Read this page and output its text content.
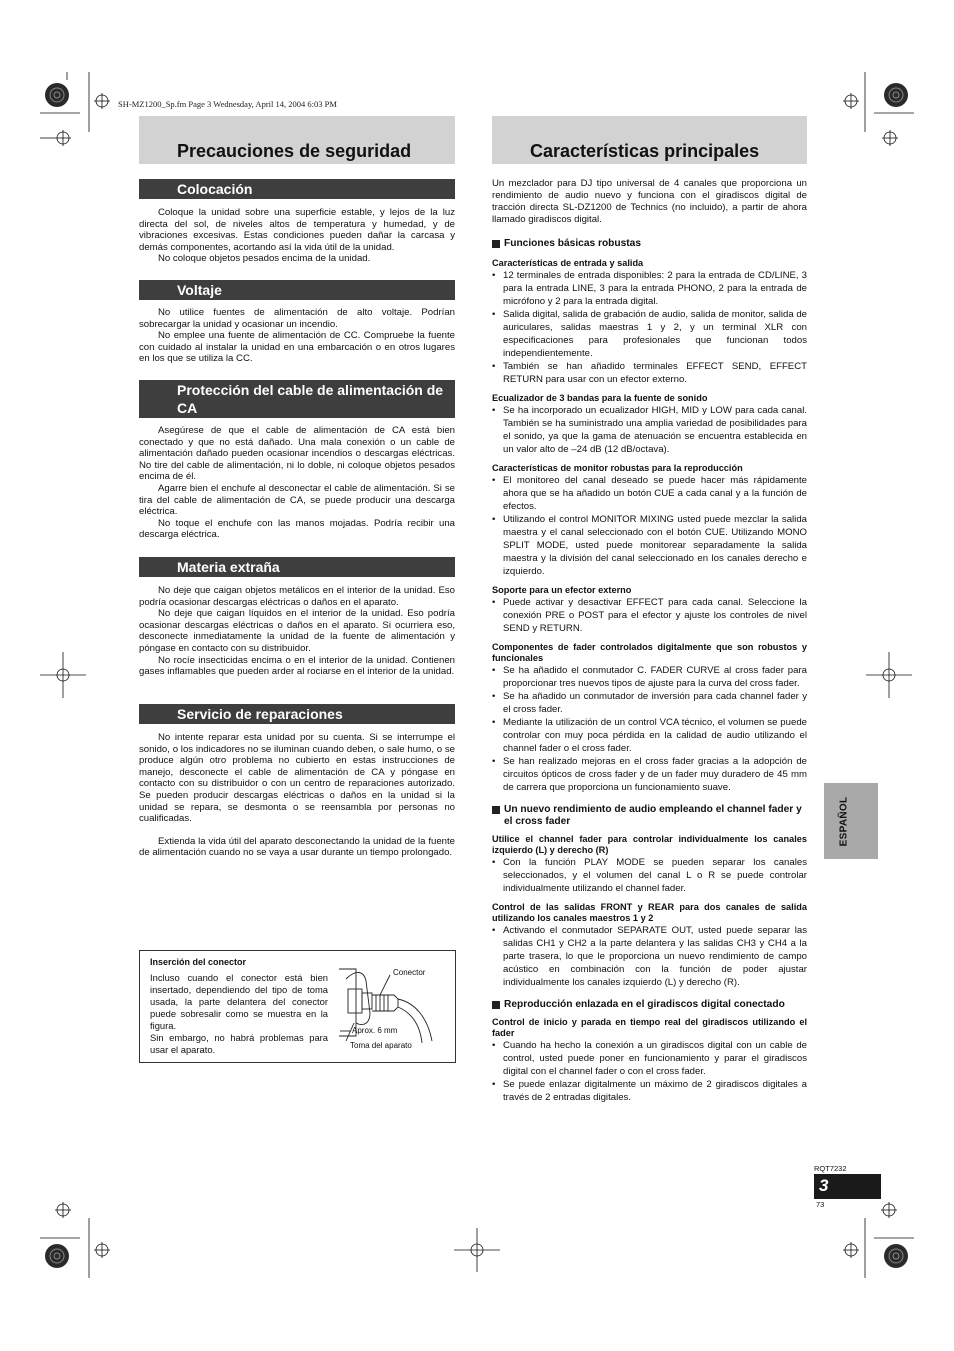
SH-MZ1200_Sp.fm Page 3 Wednesday, April 14, 2004 6:03 PM
Precauciones de seguridad
Colocación

Coloque la unidad sobre una superficie estable, y lejos de la luz directa del sol, de niveles altos de temperatura y humedad, y de vibraciones excesivas. Estas condiciones pueden dañar la carcasa y demás componentes, acortando así la vida útil de la unidad.

No coloque objetos pesados encima de la unidad.

Voltaje

No utilice fuentes de alimentación de alto voltaje. Podrían sobrecargar la unidad y ocasionar un incendio.

No emplee una fuente de alimentación de CC. Compruebe la fuente con cuidado al instalar la unidad en una embarcación o en otros lugares en los que se utiliza la CC.

Protección del cable de alimentación de CA

Asegúrese de que el cable de alimentación de CA está bien conectado y que no está dañado. Una mala conexión o un cable de alimentación dañado pueden ocasionar incendios o descargas eléctricas. No tire del cable de alimentación, ni lo doble, ni coloque objetos pesados encima de él.

Agarre bien el enchufe al desconectar el cable de alimentación. Si se tira del cable de alimentación de CA, se puede producir una descarga eléctrica.

No toque el enchufe con las manos mojadas. Podría recibir una descarga eléctrica.

Materia extraña

No deje que caigan objetos metálicos en el interior de la unidad. Eso podría ocasionar descargas eléctricas o daños en el aparato.

No deje que caigan líquidos en el interior de la unidad. Eso podría ocasionar descargas eléctricas o daños en el aparato. Si ocurriera eso, desconecte inmediatamente la unidad de la fuente de alimentación y póngase en contacto con su distribuidor.

No rocíe insecticidas encima o en el interior de la unidad. Contienen gases inflamables que pueden arder al rociarse en el interior de la unidad.

Servicio de reparaciones

No intente reparar esta unidad por su cuenta. Si se interrumpe el sonido, o los indicadores no se iluminan cuando deben, o sale humo, o se produce algún otro problema no cubierto en estas instrucciones de manejo, desconecte el cable de alimentación de CA y póngase en contacto con su distribuidor o con un centro de reparaciones autorizado. Se pueden producir descargas eléctricas o daños en la unidad si la unidad se repara, se desmonta o se reensambla por personas no cualificadas.

Extienda la vida útil del aparato desconectando la unidad de la fuente de alimentación cuando no se vaya a usar durante un tiempo prolongado.

Inserción del conector

Incluso cuando el conector está bien insertado, dependiendo del tipo de toma usada, la parte delantera del conector puede sobresalir como se muestra en la figura.

Sin embargo, no habrá problemas para usar el aparato.

Conector
Aprox. 6 mm
Toma del aparato
Características principales

Un mezclador para DJ tipo universal de 4 canales que proporciona un rendimiento de audio nuevo y funciona con el giradiscos digital de tracción directa SL-DZ1200 de Technics (no incluido), a partir de ahora llamado giradiscos digital.

Funciones básicas robustas
Características de entrada y salida
• 12 terminales de entrada disponibles: 2 para la entrada de CD/LINE, 3 para la entrada LINE, 3 para la entrada PHONO, 2 para la entrada de micrófono y 2 para la entrada digital.
• Salida digital, salida de grabación de audio, salida de monitor, salida de auriculares, salidas maestras 1 y 2, y un terminal XLR con especificaciones para profesionales que funcionan todos independientemente.
• También se han añadido terminales EFFECT SEND, EFFECT RETURN para usar con un efector externo.
Ecualizador de 3 bandas para la fuente de sonido
• Se ha incorporado un ecualizador HIGH, MID y LOW para cada canal. También se ha suministrado una amplia variedad de posibilidades para el sonido, ya que la gama de atenuación se encuentra establecida en un valor alto de –24 dB (12 dB/octava).
Características de monitor robustas para la reproducción
• El monitoreo del canal deseado se puede hacer más rápidamente ahora que se ha añadido un botón CUE a cada canal y a la función de efectos.
• Utilizando el control MONITOR MIXING usted puede mezclar la salida maestra y el canal seleccionado con el botón CUE. Utilizando MONO SPLIT MODE, usted puede monitorear separadamente la salida maestra y la división del canal seleccionado en los canales derecho e izquierdo.
Soporte para un efector externo
• Puede activar y desactivar EFFECT para cada canal. Seleccione la conexión PRE o POST para el efector y ajuste los controles de nivel SEND y RETURN.
Componentes de fader controlados digitalmente que son robustos y funcionales
• Se ha añadido el conmutador C. FADER CURVE al cross fader para proporcionar tres nuevos tipos de ajuste para la curva del cross fader.
• Se ha añadido un conmutador de inversión para cada channel fader y el cross fader.
• Mediante la utilización de un control VCA técnico, el volumen se puede controlar con muy poca pérdida en la calidad de audio utilizando el channel fader o el cross fader.
• Se han realizado mejoras en el cross fader gracias a la adopción de circuitos ópticos de cross fader y de un fader muy duradero de 45 mm de carrera que proporciona un funcionamiento suave.
Un nuevo rendimiento de audio empleando el channel fader y el cross fader
Utilice el channel fader para controlar individualmente los canales izquierdo (L) y derecho (R)
• Con la función PLAY MODE se pueden separar los canales seleccionados, y el volumen del canal L o R se puede controlar individualmente utilizando el channel fader.
Control de las salidas FRONT y REAR para dos canales de salida utilizando los canales maestros 1 y 2
• Activando el conmutador SEPARATE OUT, usted puede separar las salidas CH1 y CH2 a la parte delantera y las salidas CH3 y CH4 a la parte trasera, lo que le proporciona un nuevo rendimiento de campo acústico en combinación con la función de poder ajustar individualmente los canales izquierdo (L) y derecho (R).
Reproducción enlazada en el giradiscos digital conectado
Control de inicio y parada en tiempo real del giradiscos utilizando el fader
• Cuando ha hecho la conexión a un giradiscos digital con un cable de control, usted puede poner en funcionamiento y parar el giradiscos digital con el channel fader o con el cross fader.
• Se puede enlazar digitalmente un máximo de 2 giradiscos digitales a través de 2 entradas digitales.
ESPAÑOL
RQT7232
3
73
